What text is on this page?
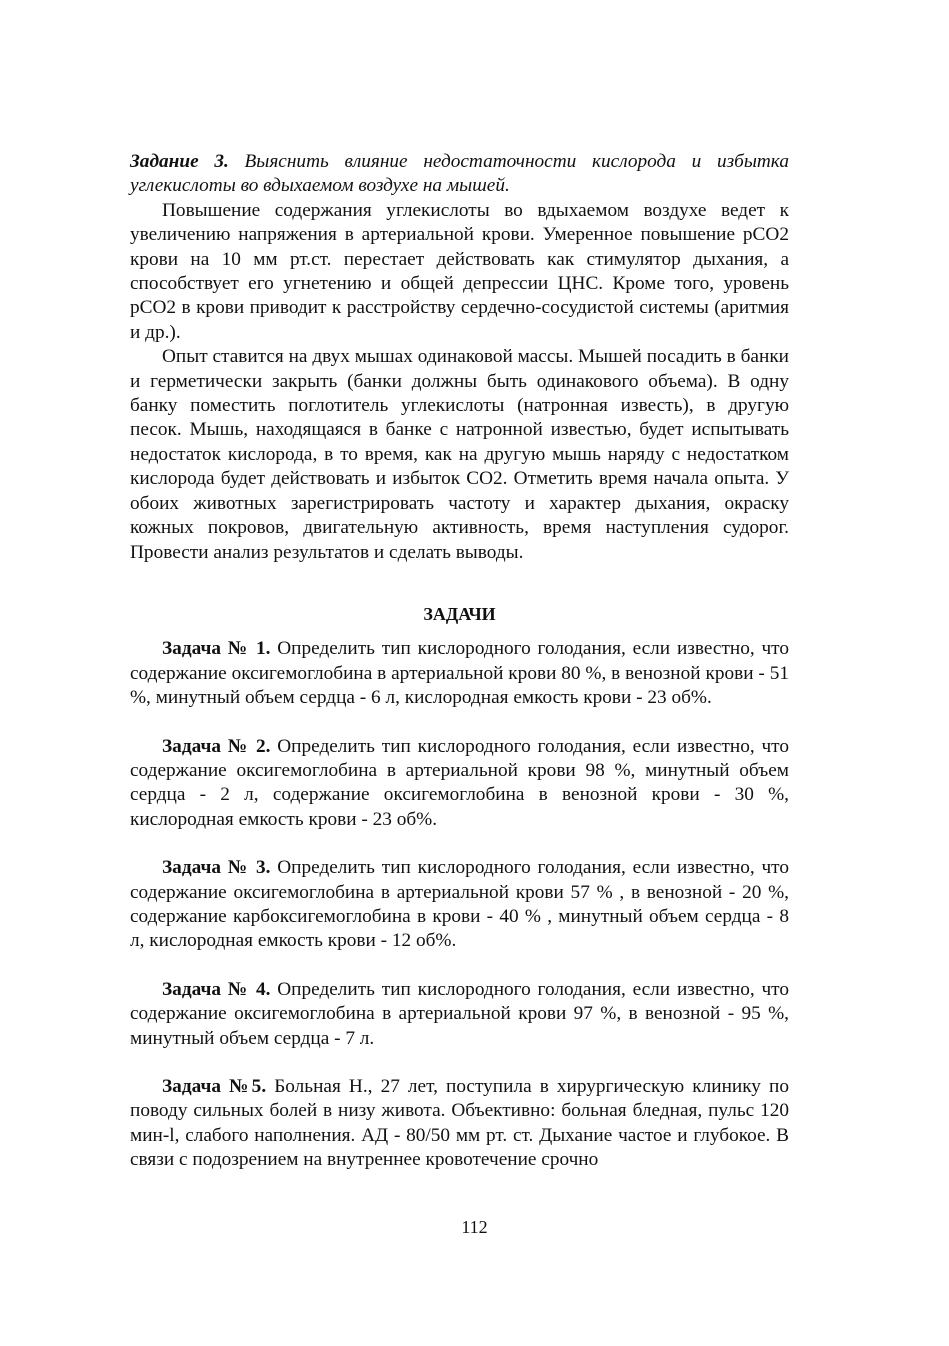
Задание 3. Выяснить влияние недостаточности кислорода и избытка углекислоты во вдыхаемом воздухе на мышей.

Повышение содержания углекислоты во вдыхаемом воздухе ведет к увеличению напряжения в артериальной крови. Умеренное повышение pCO2 крови на 10 мм рт.ст. перестает действовать как стимулятор дыхания, а способствует его угнетению и общей депрессии ЦНС. Кроме того, уровень pCO2 в крови приводит к расстройству сердечно-сосудистой системы (аритмия и др.).

Опыт ставится на двух мышах одинаковой массы. Мышей посадить в банки и герметически закрыть (банки должны быть одинакового объема). В одну банку поместить поглотитель углекислоты (натронная известь), в другую песок. Мышь, находящаяся в банке с натронной известью, будет испытывать недостаток кислорода, в то время, как на другую мышь наряду с недостатком кислорода будет действовать и избыток СО2. Отметить время начала опыта. У обоих животных зарегистрировать частоту и характер дыхания, окраску кожных покровов, двигательную активность, время наступления судорог. Провести анализ результатов и сделать выводы.

ЗАДАЧИ

Задача № 1. Определить тип кислородного голодания, если известно, что содержание оксигемоглобина в артериальной крови 80 %, в венозной крови - 51 %, минутный объем сердца - 6 л, кислородная емкость крови - 23 об%.

Задача № 2. Определить тип кислородного голодания, если известно, что содержание оксигемоглобина в артериальной крови 98 %, минутный объем сердца - 2 л, содержание оксигемоглобина в венозной крови - 30 %, кислородная емкость крови - 23 об%.

Задача № 3. Определить тип кислородного голодания, если известно, что содержание оксигемоглобина в артериальной крови 57 % , в венозной - 20 %, содержание карбоксигемоглобина в крови - 40 % , минутный объем сердца - 8 л, кислородная емкость крови - 12 об%.

Задача № 4. Определить тип кислородного голодания, если известно, что содержание оксигемоглобина в артериальной крови 97 %, в венозной - 95 %, минутный объем сердца - 7 л.

Задача №5. Больная Н., 27 лет, поступила в хирургическую клинику по поводу сильных болей в низу живота. Объективно: больная бледная, пульс 120 мин-l, слабого наполнения. АД - 80/50 мм рт. ст. Дыхание частое и глубокое. В связи с подозрением на внутреннее кровотечение срочно

112
